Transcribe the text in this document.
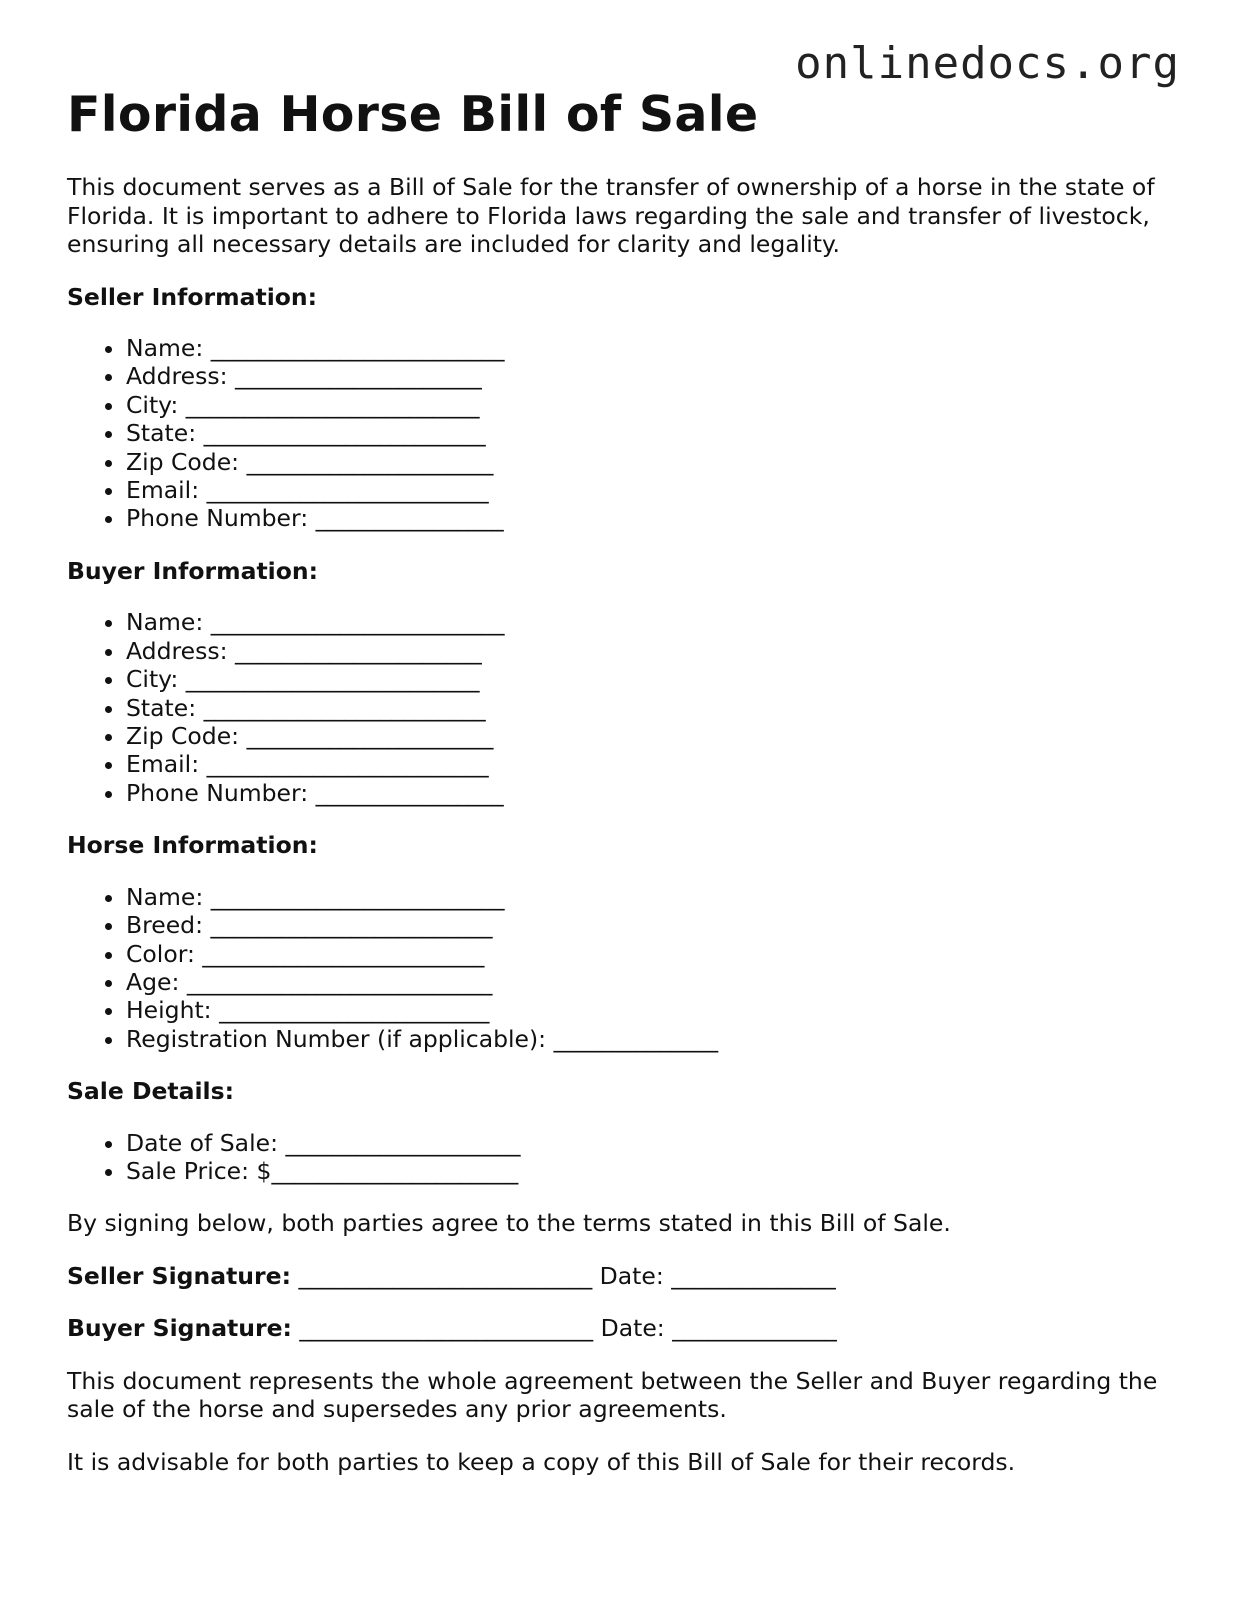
onlinedocs.org
Florida Horse Bill of Sale

This document serves as a Bill of Sale for the transfer of ownership of a horse in the state of Florida. It is important to adhere to Florida laws regarding the sale and transfer of livestock, ensuring all necessary details are included for clarity and legality.

Seller Information:

• Name: _________________________
• Address: _____________________
• City: _________________________
• State: ________________________
• Zip Code: _____________________
• Email: ________________________
• Phone Number: ________________

Buyer Information:

• Name: _________________________
• Address: _____________________
• City: _________________________
• State: ________________________
• Zip Code: _____________________
• Email: ________________________
• Phone Number: ________________

Horse Information:

• Name: _________________________
• Breed: ________________________
• Color: ________________________
• Age: __________________________
• Height: _______________________
• Registration Number (if applicable): ______________

Sale Details:

• Date of Sale: ____________________
• Sale Price: $_____________________

By signing below, both parties agree to the terms stated in this Bill of Sale.

Seller Signature: _________________________ Date: ______________

Buyer Signature: _________________________ Date: ______________

This document represents the whole agreement between the Seller and Buyer regarding the sale of the horse and supersedes any prior agreements.

It is advisable for both parties to keep a copy of this Bill of Sale for their records.
